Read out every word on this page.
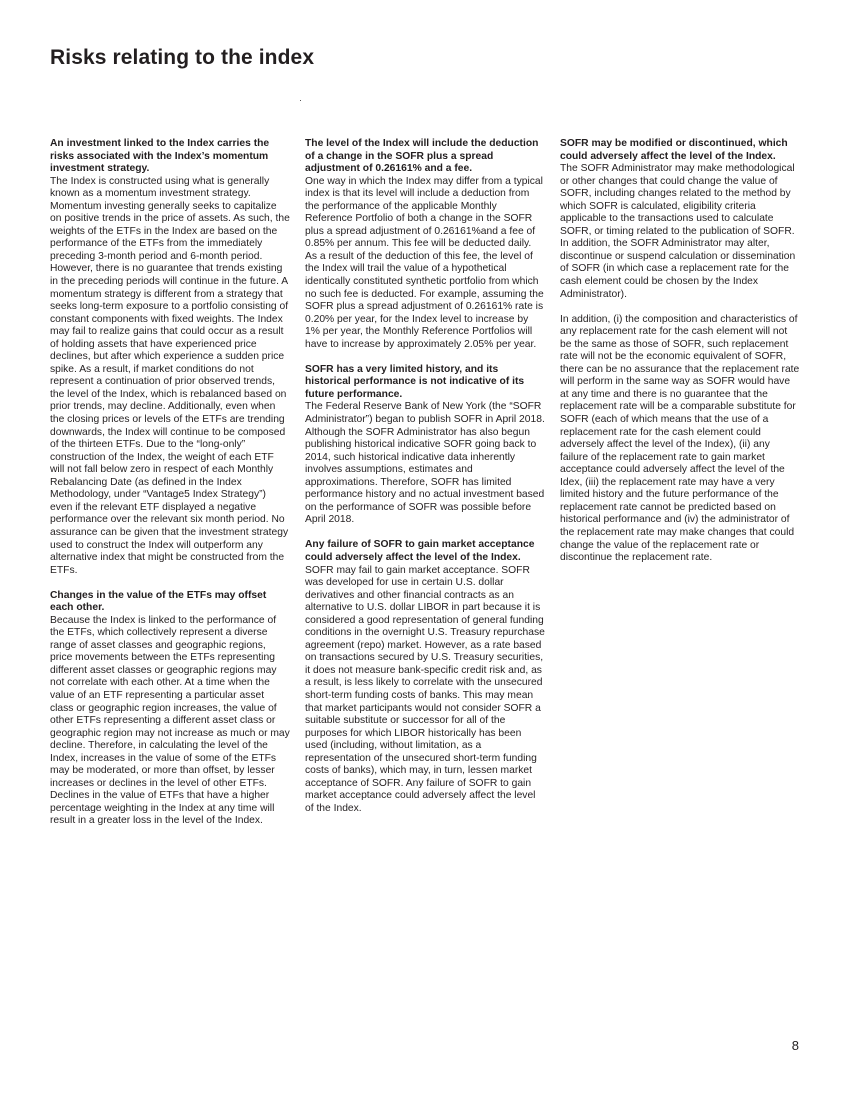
Risks relating to the index
An investment linked to the Index carries the risks associated with the Index’s momentum investment strategy.

The Index is constructed using what is generally known as a momentum investment strategy. Momentum investing generally seeks to capitalize on positive trends in the price of assets. As such, the weights of the ETFs in the Index are based on the performance of the ETFs from the immediately preceding 3-month period and 6-month period. However, there is no guarantee that trends existing in the preceding periods will continue in the future. A momentum strategy is different from a strategy that seeks long-term exposure to a portfolio consisting of constant components with fixed weights. The Index may fail to realize gains that could occur as a result of holding assets that have experienced price declines, but after which experience a sudden price spike. As a result, if market conditions do not represent a continuation of prior observed trends, the level of the Index, which is rebalanced based on prior trends, may decline. Additionally, even when the closing prices or levels of the ETFs are trending downwards, the Index will continue to be composed of the thirteen ETFs. Due to the “long-only” construction of the Index, the weight of each ETF will not fall below zero in respect of each Monthly Rebalancing Date (as defined in the Index Methodology, under “Vantage5 Index Strategy”) even if the relevant ETF displayed a negative performance over the relevant six month period. No assurance can be given that the investment strategy used to construct the Index will outperform any alternative index that might be constructed from the ETFs.

Changes in the value of the ETFs may offset each other.

Because the Index is linked to the performance of the ETFs, which collectively represent a diverse range of asset classes and geographic regions, price movements between the ETFs representing different asset classes or geographic regions may not correlate with each other. At a time when the value of an ETF representing a particular asset class or geographic region increases, the value of other ETFs representing a different asset class or geographic region may not increase as much or may decline. Therefore, in calculating the level of the Index, increases in the value of some of the ETFs may be moderated, or more than offset, by lesser increases or declines in the level of other ETFs. Declines in the value of ETFs that have a higher percentage weighting in the Index at any time will result in a greater loss in the level of the Index.

The level of the Index will include the deduction of a change in the SOFR plus a spread adjustment of 0.26161% and a fee.

One way in which the Index may differ from a typical index is that its level will include a deduction from the performance of the applicable Monthly Reference Portfolio of both a change in the SOFR plus a spread adjustment of 0.26161%and a fee of 0.85% per annum. This fee will be deducted daily. As a result of the deduction of this fee, the level of the Index will trail the value of a hypothetical identically constituted synthetic portfolio from which no such fee is deducted. For example, assuming the SOFR plus a spread adjustment of 0.26161% rate is 0.20% per year, for the Index level to increase by 1% per year, the Monthly Reference Portfolios will have to increase by approximately 2.05% per year.

SOFR has a very limited history, and its historical performance is not indicative of its future performance.

The Federal Reserve Bank of New York (the “SOFR Administrator”) began to publish SOFR in April 2018. Although the SOFR Administrator has also begun publishing historical indicative SOFR going back to 2014, such historical indicative data inherently involves assumptions, estimates and approximations. Therefore, SOFR has limited performance history and no actual investment based on the performance of SOFR was possible before April 2018.

Any failure of SOFR to gain market acceptance could adversely affect the level of the Index.

SOFR may fail to gain market acceptance. SOFR was developed for use in certain U.S. dollar derivatives and other financial contracts as an alternative to U.S. dollar LIBOR in part because it is considered a good representation of general funding conditions in the overnight U.S. Treasury repurchase agreement (repo) market. However, as a rate based on transactions secured by U.S. Treasury securities, it does not measure bank-specific credit risk and, as a result, is less likely to correlate with the unsecured short-term funding costs of banks. This may mean that market participants would not consider SOFR a suitable substitute or successor for all of the purposes for which LIBOR historically has been used (including, without limitation, as a representation of the unsecured short-term funding costs of banks), which may, in turn, lessen market acceptance of SOFR. Any failure of SOFR to gain market acceptance could adversely affect the level of the Index.

SOFR may be modified or discontinued, which could adversely affect the level of the Index.

The SOFR Administrator may make methodological or other changes that could change the value of SOFR, including changes related to the method by which SOFR is calculated, eligibility criteria applicable to the transactions used to calculate SOFR, or timing related to the publication of SOFR. In addition, the SOFR Administrator may alter, discontinue or suspend calculation or dissemination of SOFR (in which case a replacement rate for the cash element could be chosen by the Index Administrator).

In addition, (i) the composition and characteristics of any replacement rate for the cash element will not be the same as those of SOFR, such replacement rate will not be the economic equivalent of SOFR, there can be no assurance that the replacement rate will perform in the same way as SOFR would have at any time and there is no guarantee that the replacement rate will be a comparable substitute for SOFR (each of which means that the use of a replacement rate for the cash element could adversely affect the level of the Index), (ii) any failure of the replacement rate to gain market acceptance could adversely affect the level of the Idex, (iii) the replacement rate may have a very limited history and the future performance of the replacement rate cannot be predicted based on historical performance and (iv) the administrator of the replacement rate may make changes that could change the value of the replacement rate or discontinue the replacement rate.

8
